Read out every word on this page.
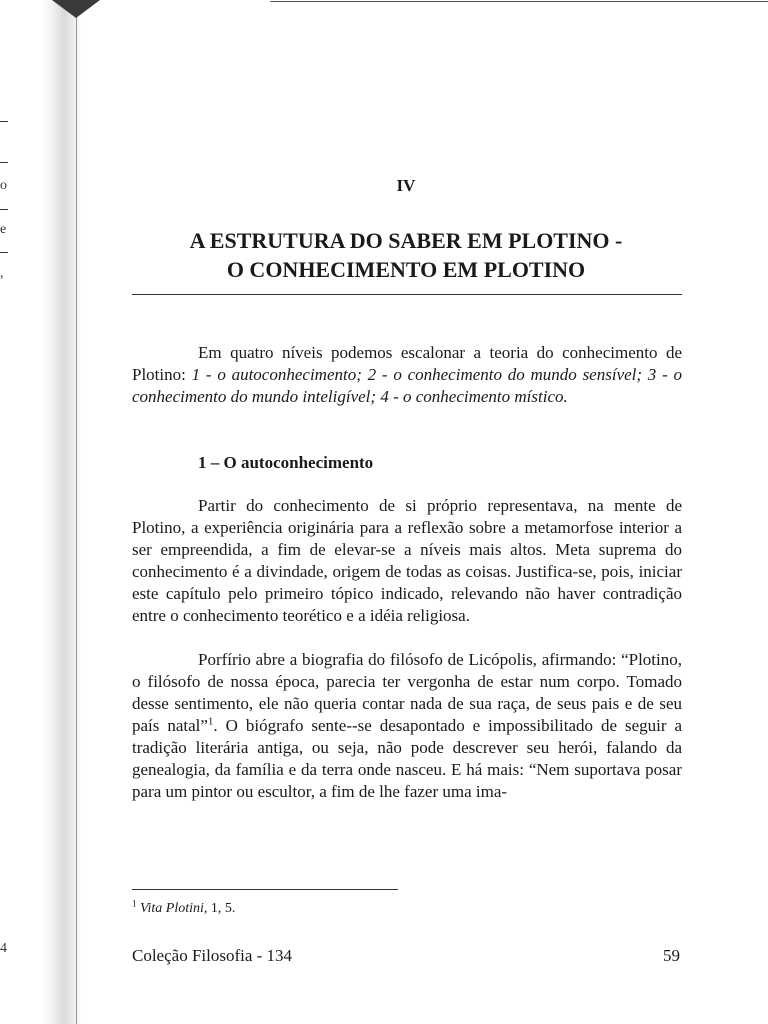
o
e
,
4
IV
A ESTRUTURA DO SABER EM PLOTINO -
O CONHECIMENTO EM PLOTINO

Em quatro níveis podemos escalonar a teoria do conhecimento de Plotino: 1 - o autoconhecimento; 2 - o conhecimento do mundo sensível; 3 - o conhecimento do mundo inteligível; 4 - o conhecimento místico.

1 – O autoconhecimento

Partir do conhecimento de si próprio representava, na mente de Plotino, a experiência originária para a reflexão sobre a metamorfose interior a ser empreendida, a fim de elevar-se a níveis mais altos. Meta suprema do conhecimento é a divindade, origem de todas as coisas. Justifica-se, pois, iniciar este capítulo pelo primeiro tópico indicado, relevando não haver contradição entre o conhecimento teorético e a idéia religiosa.

Porfírio abre a biografia do filósofo de Licópolis, afirmando: “Plotino, o filósofo de nossa época, parecia ter vergonha de estar num corpo. Tomado desse sentimento, ele não queria contar nada de sua raça, de seus pais e de seu país natal”$^1$. O biógrafo sente--se desapontado e impossibilitado de seguir a tradição literária antiga, ou seja, não pode descrever seu herói, falando da genealogia, da família e da terra onde nasceu. E há mais: “Nem suportava posar para um pintor ou escultor, a fim de lhe fazer uma ima-

$^1$ Vita Plotini, 1, 5.
Coleção Filosofia - 134	59
